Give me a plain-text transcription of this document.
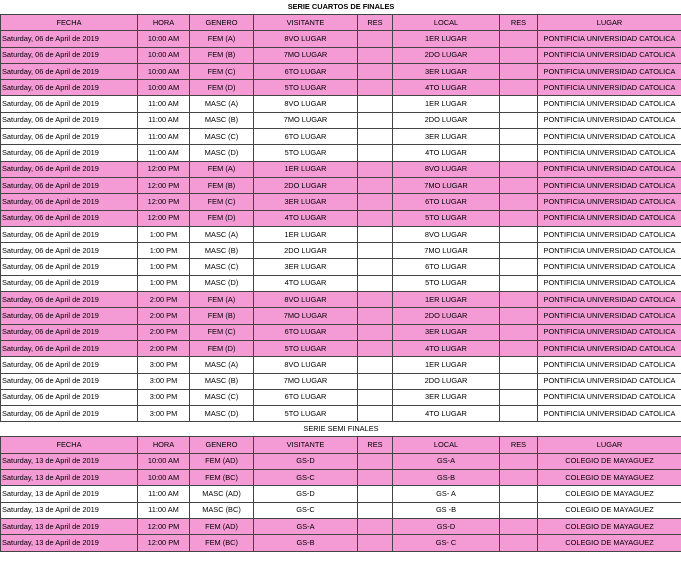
SERIE CUARTOS DE FINALES							
FECHA	HORA	GENERO	VISITANTE	RES	LOCAL	RES	LUGAR
Saturday, 06 de April de 2019	10:00 AM	FEM (A)	8VO LUGAR		1ER LUGAR		PONTIFICIA UNIVERSIDAD CATOLICA
Saturday, 06 de April de 2019	10:00 AM	FEM (B)	7MO LUGAR		2DO LUGAR		PONTIFICIA UNIVERSIDAD CATOLICA
Saturday, 06 de April de 2019	10:00 AM	FEM (C)	6TO LUGAR		3ER LUGAR		PONTIFICIA UNIVERSIDAD CATOLICA
Saturday, 06 de April de 2019	10:00 AM	FEM (D)	5TO LUGAR		4TO LUGAR		PONTIFICIA UNIVERSIDAD CATOLICA
Saturday, 06 de April de 2019	11:00 AM	MASC (A)	8VO LUGAR		1ER LUGAR		PONTIFICIA UNIVERSIDAD CATOLICA
Saturday, 06 de April de 2019	11:00 AM	MASC (B)	7MO LUGAR		2DO LUGAR		PONTIFICIA UNIVERSIDAD CATOLICA
Saturday, 06 de April de 2019	11:00 AM	MASC (C)	6TO LUGAR		3ER LUGAR		PONTIFICIA UNIVERSIDAD CATOLICA
Saturday, 06 de April de 2019	11:00 AM	MASC (D)	5TO LUGAR		4TO LUGAR		PONTIFICIA UNIVERSIDAD CATOLICA
Saturday, 06 de April de 2019	12:00 PM	FEM (A)	1ER LUGAR		8VO LUGAR		PONTIFICIA UNIVERSIDAD CATOLICA
Saturday, 06 de April de 2019	12:00 PM	FEM (B)	2DO LUGAR		7MO LUGAR		PONTIFICIA UNIVERSIDAD CATOLICA
Saturday, 06 de April de 2019	12:00 PM	FEM (C)	3ER LUGAR		6TO LUGAR		PONTIFICIA UNIVERSIDAD CATOLICA
Saturday, 06 de April de 2019	12:00 PM	FEM (D)	4TO LUGAR		5TO LUGAR		PONTIFICIA UNIVERSIDAD CATOLICA
Saturday, 06 de April de 2019	1:00 PM	MASC (A)	1ER LUGAR		8VO LUGAR		PONTIFICIA UNIVERSIDAD CATOLICA
Saturday, 06 de April de 2019	1:00 PM	MASC (B)	2DO LUGAR		7MO LUGAR		PONTIFICIA UNIVERSIDAD CATOLICA
Saturday, 06 de April de 2019	1:00 PM	MASC (C)	3ER LUGAR		6TO LUGAR		PONTIFICIA UNIVERSIDAD CATOLICA
Saturday, 06 de April de 2019	1:00 PM	MASC (D)	4TO LUGAR		5TO LUGAR		PONTIFICIA UNIVERSIDAD CATOLICA
Saturday, 06 de April de 2019	2:00 PM	FEM (A)	8VO LUGAR		1ER LUGAR		PONTIFICIA UNIVERSIDAD CATOLICA
Saturday, 06 de April de 2019	2:00 PM	FEM (B)	7MO LUGAR		2DO LUGAR		PONTIFICIA UNIVERSIDAD CATOLICA
Saturday, 06 de April de 2019	2:00 PM	FEM (C)	6TO LUGAR		3ER LUGAR		PONTIFICIA UNIVERSIDAD CATOLICA
Saturday, 06 de April de 2019	2:00 PM	FEM (D)	5TO LUGAR		4TO LUGAR		PONTIFICIA UNIVERSIDAD CATOLICA
Saturday, 06 de April de 2019	3:00 PM	MASC (A)	8VO LUGAR		1ER LUGAR		PONTIFICIA UNIVERSIDAD CATOLICA
Saturday, 06 de April de 2019	3:00 PM	MASC (B)	7MO LUGAR		2DO LUGAR		PONTIFICIA UNIVERSIDAD CATOLICA
Saturday, 06 de April de 2019	3:00 PM	MASC (C)	6TO LUGAR		3ER LUGAR		PONTIFICIA UNIVERSIDAD CATOLICA
Saturday, 06 de April de 2019	3:00 PM	MASC (D)	5TO LUGAR		4TO LUGAR		PONTIFICIA UNIVERSIDAD CATOLICA
SERIE SEMI FINALES							
FECHA	HORA	GENERO	VISITANTE	RES	LOCAL	RES	LUGAR
Saturday, 13 de April de 2019	10:00 AM	FEM (AD)	GS-D		GS-A		COLEGIO DE MAYAGUEZ
Saturday, 13 de April de 2019	10:00 AM	FEM (BC)	GS-C		GS-B		COLEGIO DE MAYAGUEZ
Saturday, 13 de April de 2019	11:00 AM	MASC (AD)	GS-D		GS- A		COLEGIO DE MAYAGUEZ
Saturday, 13 de April de 2019	11:00 AM	MASC (BC)	GS-C		GS -B		COLEGIO DE MAYAGUEZ
Saturday, 13 de April de 2019	12:00 PM	FEM (AD)	GS-A		GS-D		COLEGIO DE MAYAGUEZ
Saturday, 13 de April de 2019	12:00 PM	FEM (BC)	GS-B		GS- C		COLEGIO DE MAYAGUEZ
